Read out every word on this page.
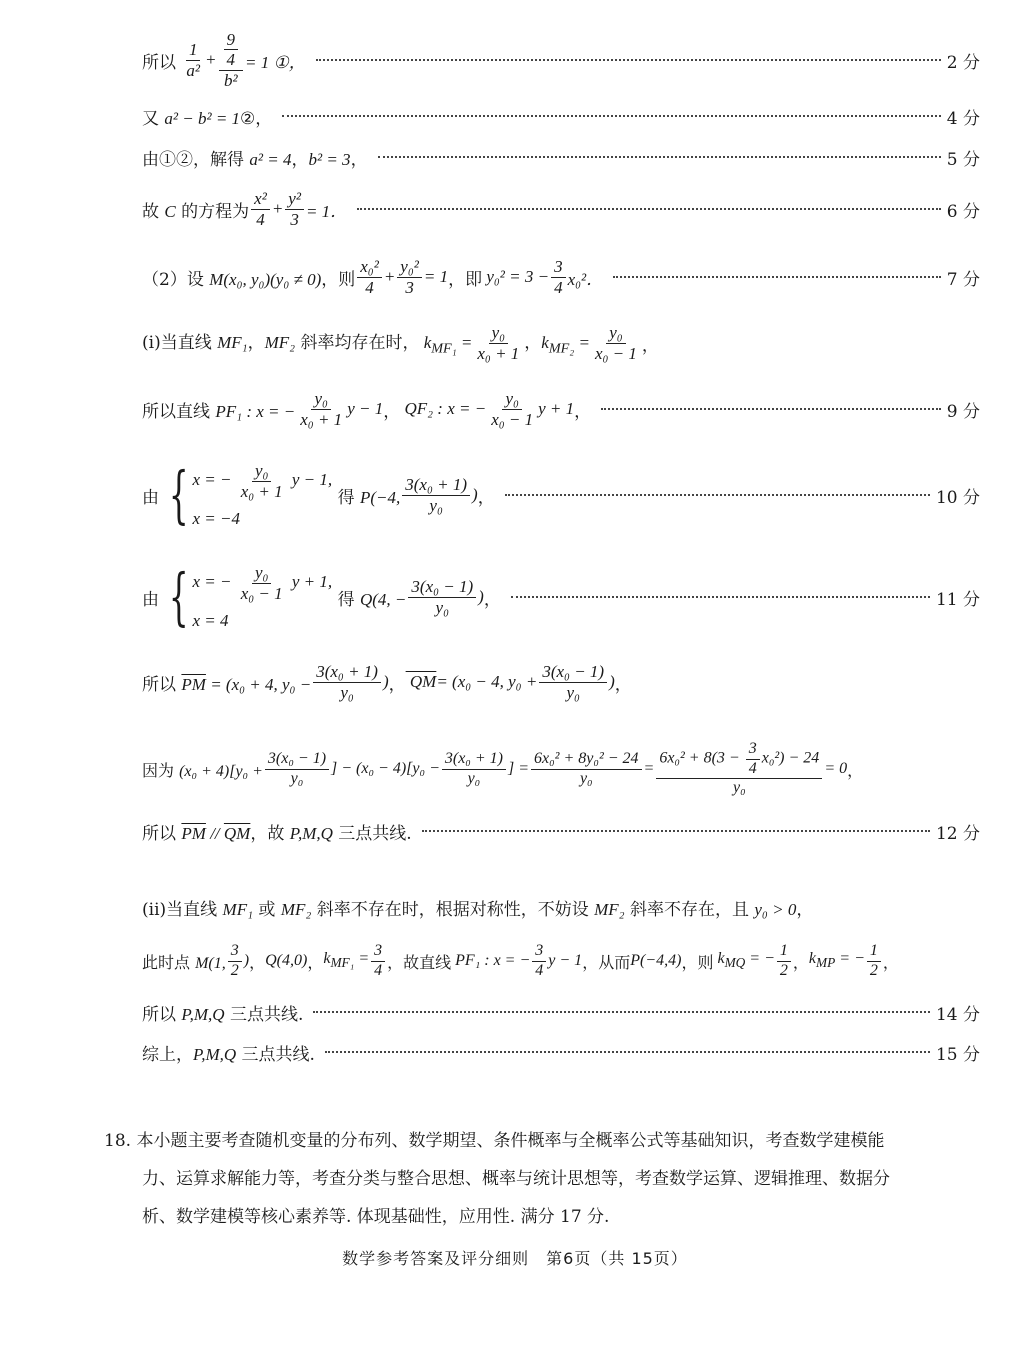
所以 $\frac{1}{\text{a²}} + \frac{\frac{9}{4}}{\text{b²}} = 1$ ①，	2 分
又 a² − b² = 1②，	4 分
由①②，解得 a² = 4，b² = 3，	5 分
故 C 的方程为 $\frac{\text{x²}}{4} + \frac{\text{y²}}{3} = 1$．	6 分
（2）设 M(x₀, y₀)(y₀ ≠ 0)，则 $\frac{\text{x₀²}}{4} + \frac{\text{y₀²}}{3} = 1$ ，即 $y_0^2 = 3 - \frac{3}{4} x_0^2$．	7 分
(i)当直线 MF₁，MF₂ 斜率均存在时， $k_{MF_1} = \frac{\text{y₀}}{\text{x₀ + 1}}$ ，$k_{MF_2} = \frac{\text{y₀}}{\text{x₀ − 1}}$ ，
所以直线 PF₁ : x = − $\frac{\text{y₀}}{\text{x₀ + 1}}$ y − 1 ， QF₂ : x = − $\frac{\text{y₀}}{\text{x₀ − 1}}$ y + 1 ，	9 分
由 { x = − $\frac{\text{y₀}}{\text{x₀ + 1}}$ y − 1,
x = −4
得 P(−4, $\frac{\text{3(x₀ + 1)}}{\text{y₀}}$ ) ，	10 分
由 { x = − $\frac{\text{y₀}}{\text{x₀ − 1}}$ y + 1,
x = 4
得 Q(4, − $\frac{\text{3(x₀ − 1)}}{\text{y₀}}$ ) ，	11 分
所以 $\overline{PM} = (x_0 + 4$, $y_0 - \frac{\text{3(x₀ + 1)}}{\text{y₀}}$ ) ， QM = (x₀ − 4, $y_0 + \frac{\text{3(x₀ − 1)}}{\text{y₀}}$ ) ，
因为 $(x_0 + 4)[y_0 + \frac{\text{3(x₀ − 1)}}{\text{y₀}}$ ] − $(x_0 - 4)[y_0 - \frac{\text{3(x₀ + 1)}}{\text{y₀}}$ ] = $\frac{\text{6x₀² + 8y₀² − 24}}{\text{y₀}} = \frac{6x_0^2 + 8(3 - \frac{3}{4} x_0^2) - 24}{\text{y₀}} = 0$ ，
所以 $\overline{PM} // \overline{QM}$，故 P,M,Q 三点共线.	12 分
(ii)当直线 MF₁ 或 MF₂ 斜率不存在时，根据对称性，不妨设 MF₂ 斜率不存在，且 y₀ > 0，
此时点 M(1, $\frac{3}{2}$ ) ， Q(4,0) ， $k_{MF_1} = \frac{3}{4}$ ，故直线 PF₁ : x = − $\frac{3}{4}$ y − 1 ，从而 P(−4,4) ，则 $k_{MQ}$ = − $\frac{1}{2}$ ， $k_{MP}$ = − $\frac{1}{2}$ ，
所以 P,M,Q 三点共线.	14 分
综上，P,M,Q 三点共线.	15 分
18. 本小题主要考查随机变量的分布列、数学期望、条件概率与全概率公式等基础知识，考查数学建模能
力、运算求解能力等，考查分类与整合思想、概率与统计思想等，考查数学运算、逻辑推理、数据分
析、数学建模等核心素养等. 体现基础性，应用性. 满分 17 分.
数学参考答案及评分细则　第6页（共 15页）
